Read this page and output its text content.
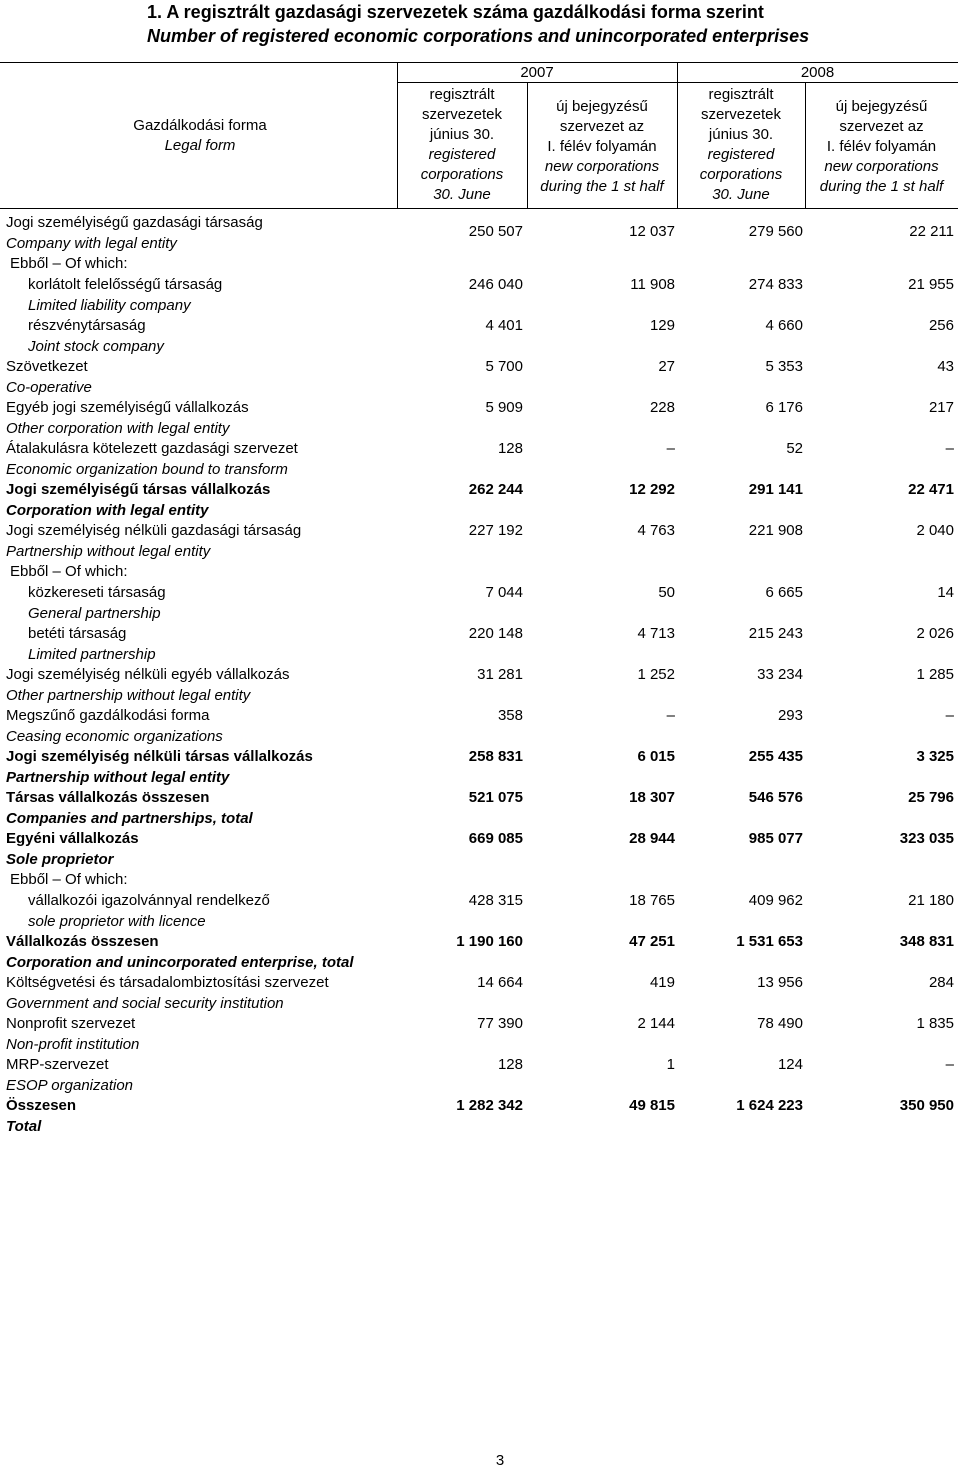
1. A regisztrált gazdasági szervezetek száma gazdálkodási forma szerint
Number of registered economic corporations and unincorporated enterprises
Gazdálkodási forma
Legal form
2007	2008
regisztrált
szervezetek
június 30.
registered
corporations
30. June
új bejegyzésű
szervezet az
I. félév folyamán
new corporations
during the 1 st half
regisztrált
szervezetek
június 30.
registered
corporations
30. June
új bejegyzésű
szervezet az
I. félév folyamán
new corporations
during the 1 st half
Jogi személyiségű gazdasági társaság
Company with legal entity
250 507	12 037	279 560	22 211
Ebből – Of which:
korlátolt felelősségű társaság
Limited liability company
246 040	11 908	274 833	21 955
részvénytársaság
Joint stock company
4 401	129	4 660	256
Szövetkezet
Co-operative
5 700	27	5 353	43
Egyéb jogi személyiségű vállalkozás
Other corporation with legal entity
5 909	228	6 176	217
Átalakulásra kötelezett gazdasági szervezet
Economic organization bound to transform
128	–	52	–
Jogi személyiségű társas vállalkozás
Corporation with legal entity
262 244	12 292	291 141	22 471
Jogi személyiség nélküli gazdasági társaság
Partnership without legal entity
227 192	4 763	221 908	2 040
Ebből – Of which:
közkereseti társaság
General partnership
7 044	50	6 665	14
betéti társaság
Limited partnership
220 148	4 713	215 243	2 026
Jogi személyiség nélküli egyéb vállalkozás
Other partnership without legal entity
31 281	1 252	33 234	1 285
Megszűnő gazdálkodási forma
Ceasing economic organizations
358	–	293	–
Jogi személyiség nélküli társas vállalkozás
Partnership without legal entity
258 831	6 015	255 435	3 325
Társas vállalkozás összesen
Companies and partnerships, total
521 075	18 307	546 576	25 796
Egyéni vállalkozás
Sole proprietor
669 085	28 944	985 077	323 035
Ebből – Of which:
vállalkozói igazolvánnyal rendelkező
sole proprietor with licence
428 315	18 765	409 962	21 180
Vállalkozás összesen
Corporation and unincorporated enterprise, total
1 190 160	47 251	1 531 653	348 831
Költségvetési és társadalombiztosítási szervezet
Government and social security institution
14 664	419	13 956	284
Nonprofit szervezet
Non-profit institution
77 390	2 144	78 490	1 835
MRP-szervezet
ESOP organization
128	1	124	–
Összesen
Total
1 282 342	49 815	1 624 223	350 950
3
